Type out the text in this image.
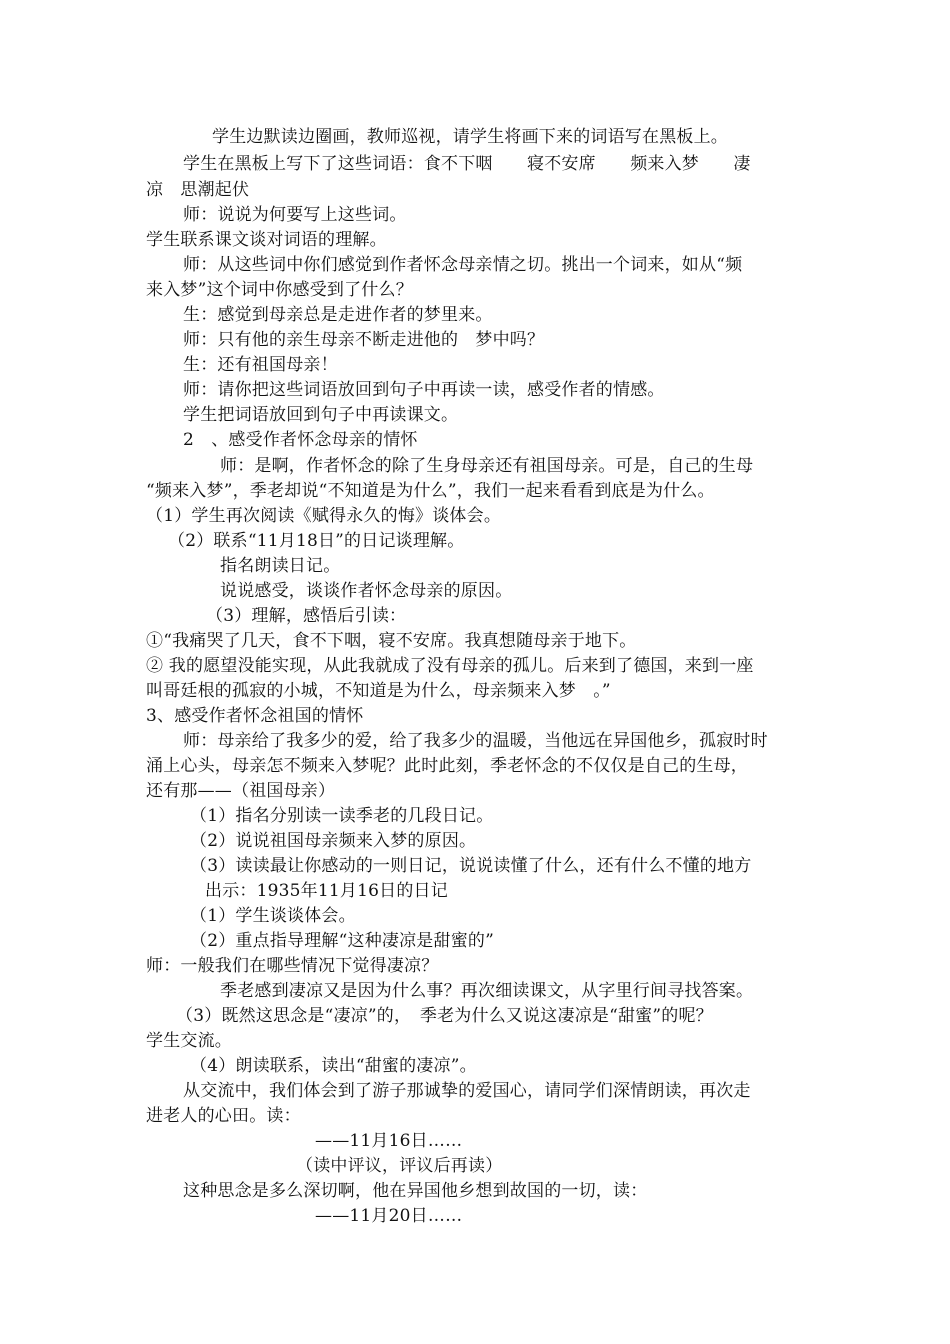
学生边默读边圈画，教师巡视，请学生将画下来的词语写在黑板上。
学生在黑板上写下了这些词语：食不下咽　　寝不安席　　频来入梦　　凄
凉　思潮起伏
师：说说为何要写上这些词。
学生联系课文谈对词语的理解。
师：从这些词中你们感觉到作者怀念母亲情之切。挑出一个词来，如从“频
来入梦”这个词中你感受到了什么？
生：感觉到母亲总是走进作者的梦里来。
师：只有他的亲生母亲不断走进他的　梦中吗？
生：还有祖国母亲！
师：请你把这些词语放回到句子中再读一读，感受作者的情感。
学生把词语放回到句子中再读课文。
2　、感受作者怀念母亲的情怀
师：是啊，作者怀念的除了生身母亲还有祖国母亲。可是，自己的生母
“频来入梦”，季老却说“不知道是为什么”，我们一起来看看到底是为什么。
（1）学生再次阅读《赋得永久的悔》谈体会。
（2）联系“11月18日”的日记谈理解。
指名朗读日记。
说说感受，谈谈作者怀念母亲的原因。
（3）理解，感悟后引读：
①“我痛哭了几天，食不下咽，寝不安席。我真想随母亲于地下。
② 我的愿望没能实现，从此我就成了没有母亲的孤儿。后来到了德国，来到一座
叫哥廷根的孤寂的小城，不知道是为什么，母亲频来入梦　。”
3、感受作者怀念祖国的情怀
师：母亲给了我多少的爱，给了我多少的温暖，当他远在异国他乡，孤寂时时
涌上心头，母亲怎不频来入梦呢？此时此刻，季老怀念的不仅仅是自己的生母，
还有那——（祖国母亲）
（1）指名分别读一读季老的几段日记。
（2）说说祖国母亲频来入梦的原因。
（3）读读最让你感动的一则日记，说说读懂了什么，还有什么不懂的地方
出示：1935年11月16日的日记
（1）学生谈谈体会。
（2）重点指导理解“这种凄凉是甜蜜的”
师：一般我们在哪些情况下觉得凄凉？
季老感到凄凉又是因为什么事？再次细读课文，从字里行间寻找答案。
（3）既然这思念是“凄凉”的，　季老为什么又说这凄凉是“甜蜜”的呢？
学生交流。
（4）朗读联系，读出“甜蜜的凄凉”。
从交流中，我们体会到了游子那诚挚的爱国心，请同学们深情朗读，再次走
进老人的心田。读：
——11月16日……
（读中评议，评议后再读）
这种思念是多么深切啊，他在异国他乡想到故国的一切，读：
——11月20日……
